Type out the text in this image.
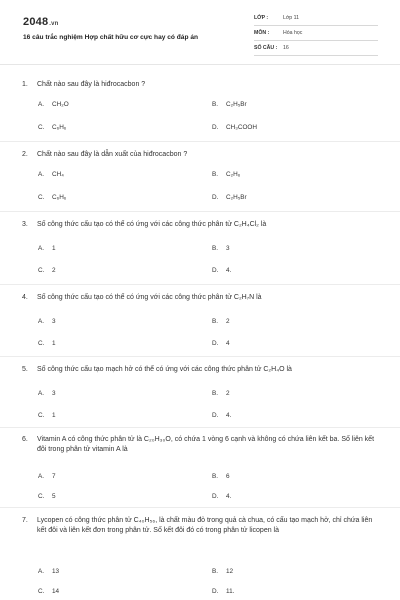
2048.vn
16 câu trắc nghiệm Hợp chất hữu cơ cực hay có đáp án
LỚP :	Lớp 11
MÔN :	Hóa học
SỐ CÂU : 16
1. Chất nào sau đây là hiđrocacbon ?
A. CH₂O	B. C₂H₅Br
C. C₆H₆	D. CH₃COOH
2. Chất nào sau đây là dẫn xuất của hiđrocacbon ?
A. CH₄	B. C₂H₆
C. C₆H₆	D. C₂H₅Br
3. Số công thức cấu tạo có thể có ứng với các công thức phân tử C₂H₄Cl₂ là
A. 1	B. 3
C. 2	D. 4.
4. Số công thức cấu tạo có thể có ứng với các công thức phân tử C₂H₇N là
A. 3	B. 2
C. 1	D. 4
5. Số công thức cấu tạo mạch hở có thể có ứng với các công thức phân tử C₂H₄O là
A. 3	B. 2
C. 1	D. 4.
6. Vitamin A có công thức phân tử là C₂₀H₃₀O, có chứa 1 vòng 6 cạnh và không có chứa liên kết ba. Số liên kết đôi trong phân tử vitamin A là
A. 7	B. 6
C. 5	D. 4.
7. Lycopen có công thức phân tử C₄₀H₅₆, là chất màu đỏ trong quả cà chua, có cấu tạo mạch hở, chỉ chứa liên kết đôi và liên kết đơn trong phân tử. Số kết đôi đó có trong phân tử licopen là
A. 13	B. 12
C. 14	D. 11.
